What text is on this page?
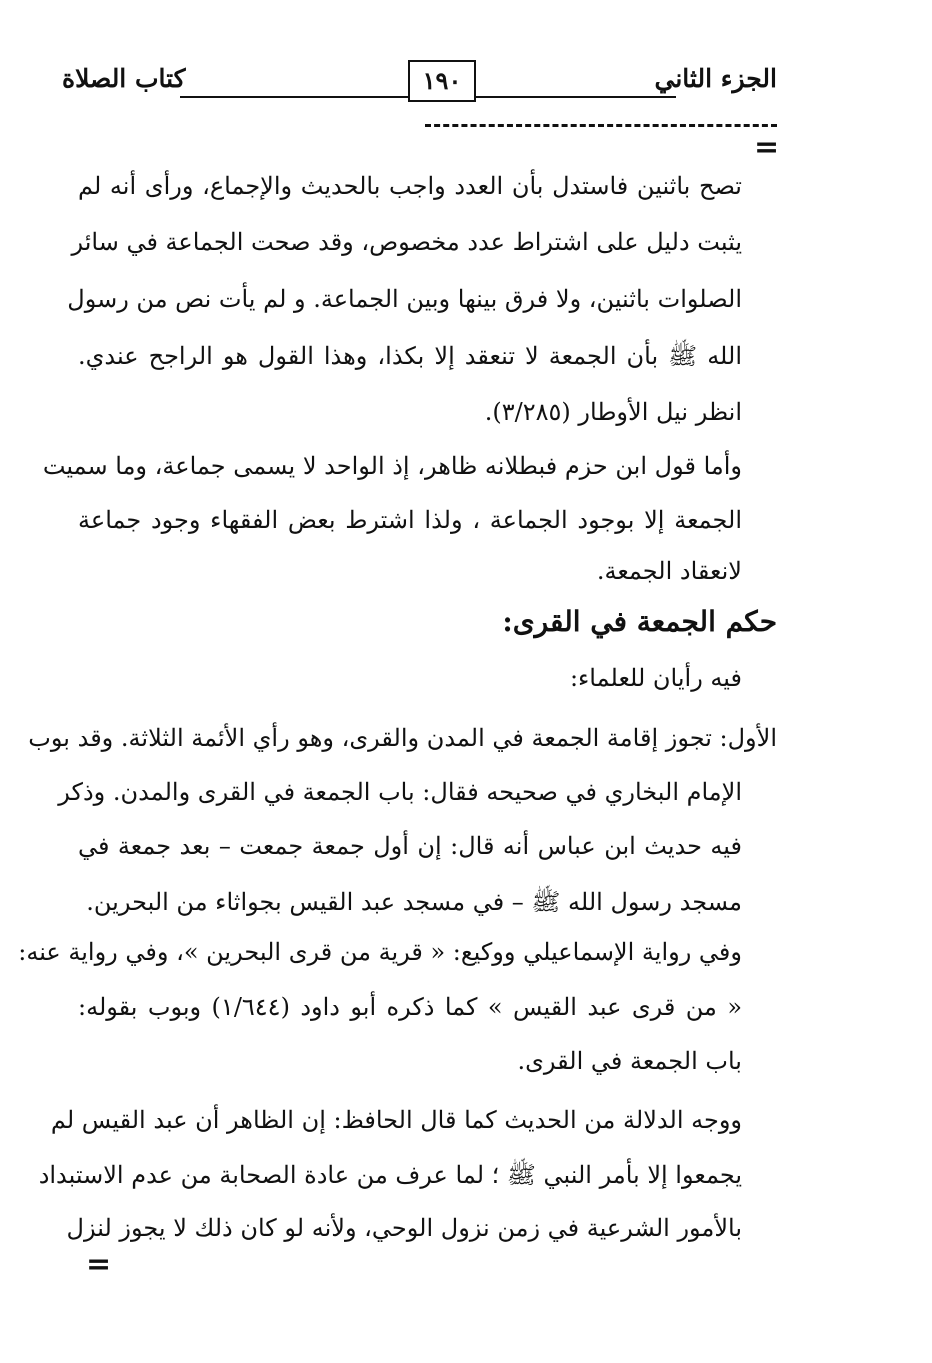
الجزء الثاني
١٩٠
كتاب الصلاة
=
تصح باثنين فاستدل بأن العدد واجب بالحديث والإجماع، ورأى أنه لم
يثبت دليل على اشتراط عدد مخصوص، وقد صحت الجماعة في سائر
الصلوات باثنين، ولا فرق بينها وبين الجماعة. و لم يأت نص من رسول
الله ﷺ بأن الجمعة لا تنعقد إلا بكذا، وهذا القول هو الراجح عندي.
انظر نيل الأوطار (٣/٢٨٥).
وأما قول ابن حزم فبطلانه ظاهر، إذ الواحد لا يسمى جماعة، وما سميت
الجمعة إلا بوجود الجماعة ، ولذا اشترط بعض الفقهاء وجود جماعة
لانعقاد الجمعة.
حكم الجمعة في القرى:
فيه رأيان للعلماء:
الأول: تجوز إقامة الجمعة في المدن والقرى، وهو رأي الأئمة الثلاثة. وقد بوب
الإمام البخاري في صحيحه فقال: باب الجمعة في القرى والمدن. وذكر
فيه حديث ابن عباس أنه قال: إن أول جمعة جمعت – بعد جمعة في
مسجد رسول الله ﷺ – في مسجد عبد القيس بجواثاء من البحرين.
وفي رواية الإسماعيلي ووكيع: « قرية من قرى البحرين »، وفي رواية عنه:
« من قرى عبد القيس » كما ذكره أبو داود (١/٦٤٤) وبوب بقوله:
باب الجمعة في القرى.
ووجه الدلالة من الحديث كما قال الحافظ: إن الظاهر أن عبد القيس لم
يجمعوا إلا بأمر النبي ﷺ ؛ لما عرف من عادة الصحابة من عدم الاستبداد
بالأمور الشرعية في زمن نزول الوحي، ولأنه لو كان ذلك لا يجوز لنزل
=
